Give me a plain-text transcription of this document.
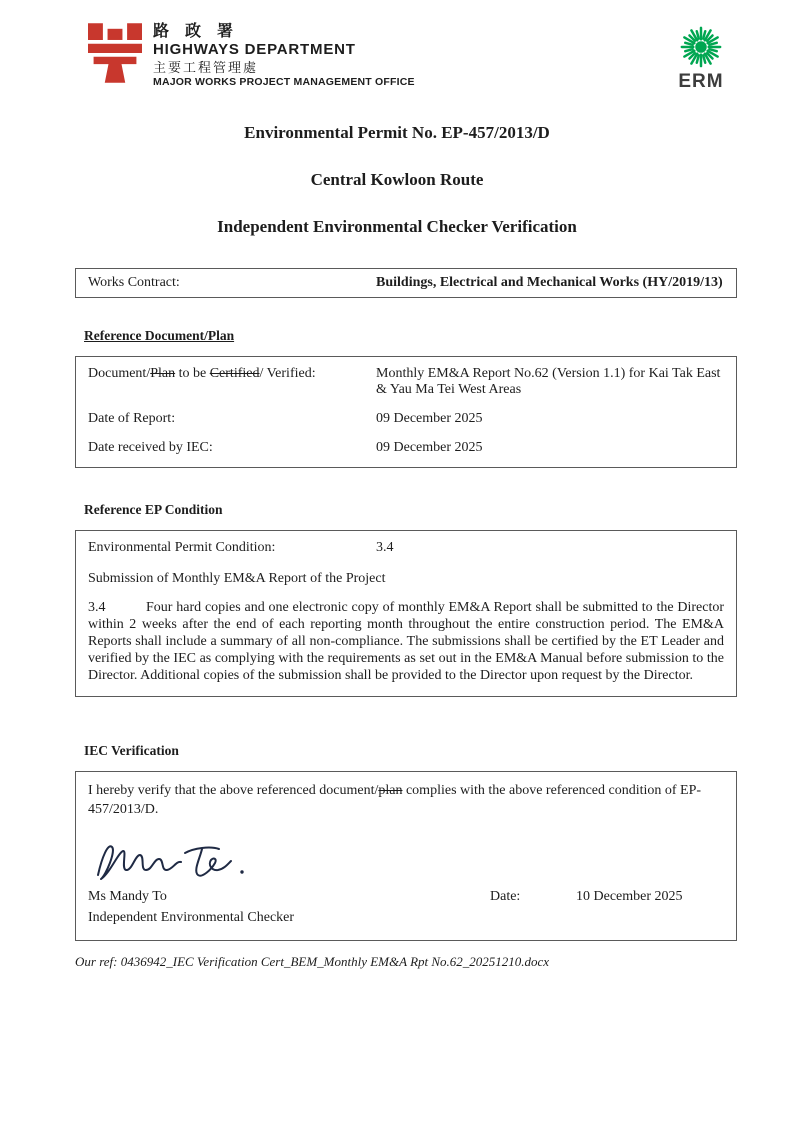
路 政 署
HIGHWAYS DEPARTMENT
主要工程管理處
MAJOR WORKS PROJECT MANAGEMENT OFFICE	ERM
Environmental Permit No. EP-457/2013/D
Central Kowloon Route
Independent Environmental Checker Verification
Works Contract:	Buildings, Electrical and Mechanical Works (HY/2019/13)
Reference Document/Plan
Document/Plan to be Certified/ Verified:	Monthly EM&A Report No.62 (Version 1.1) for Kai Tak East & Yau Ma Tei West Areas
Date of Report:	09 December 2025
Date received by IEC:	09 December 2025
Reference EP Condition
Environmental Permit Condition:	3.4
Submission of Monthly EM&A Report of the Project
3.4	Four hard copies and one electronic copy of monthly EM&A Report shall be submitted to the Director within 2 weeks after the end of each reporting month throughout the entire construction period. The EM&A Reports shall include a summary of all non-compliance. The submissions shall be certified by the ET Leader and verified by the IEC as complying with the requirements as set out in the EM&A Manual before submission to the Director. Additional copies of the submission shall be provided to the Director upon request by the Director.
IEC Verification
I hereby verify that the above referenced document/plan complies with the above referenced condition of EP-457/2013/D.
Ms Mandy To	Date:	10 December 2025
Independent Environmental Checker
Our ref: 0436942_IEC Verification Cert_BEM_Monthly EM&A Rpt No.62_20251210.docx
